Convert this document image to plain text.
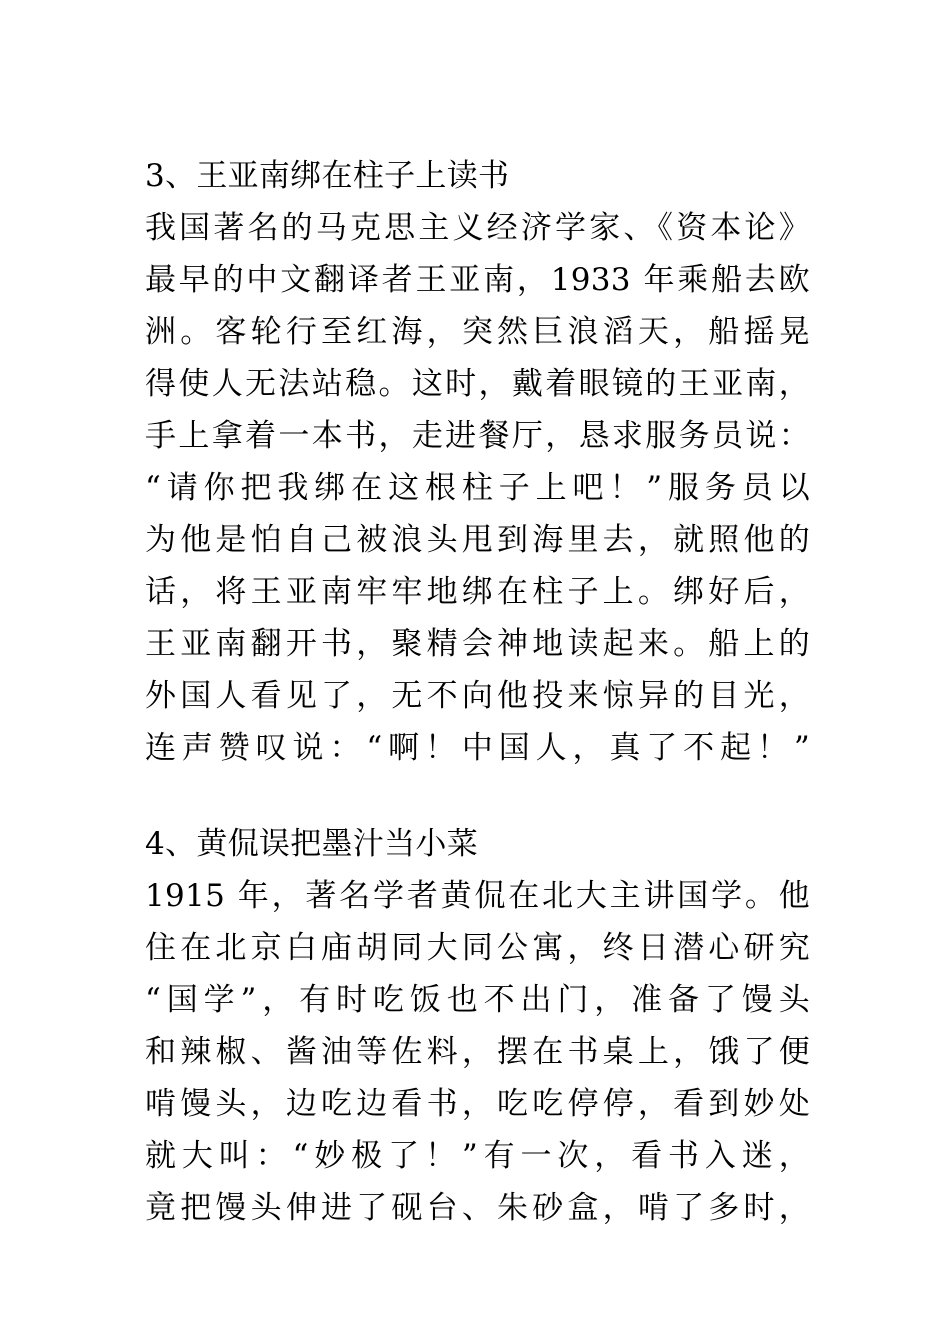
3、王亚南绑在柱子上读书
我国著名的马克思主义经济学家、《资本论》
最早的中文翻译者王亚南，1933 年乘船去欧
洲。客轮行至红海，突然巨浪滔天，船摇晃
得使人无法站稳。这时，戴着眼镜的王亚南，
手上拿着一本书，走进餐厅，恳求服务员说：
“请你把我绑在这根柱子上吧！”服务员以
为他是怕自己被浪头甩到海里去，就照他的
话，将王亚南牢牢地绑在柱子上。绑好后，
王亚南翻开书，聚精会神地读起来。船上的
外国人看见了，无不向他投来惊异的目光，
连声赞叹说：“啊！中国人，真了不起！”
4、黄侃误把墨汁当小菜
1915 年，著名学者黄侃在北大主讲国学。他
住在北京白庙胡同大同公寓，终日潜心研究
“国学”，有时吃饭也不出门，准备了馒头
和辣椒、酱油等佐料，摆在书桌上，饿了便
啃馒头，边吃边看书，吃吃停停，看到妙处
就大叫：“妙极了！”有一次，看书入迷，
竟把馒头伸进了砚台、朱砂盒，啃了多时，
